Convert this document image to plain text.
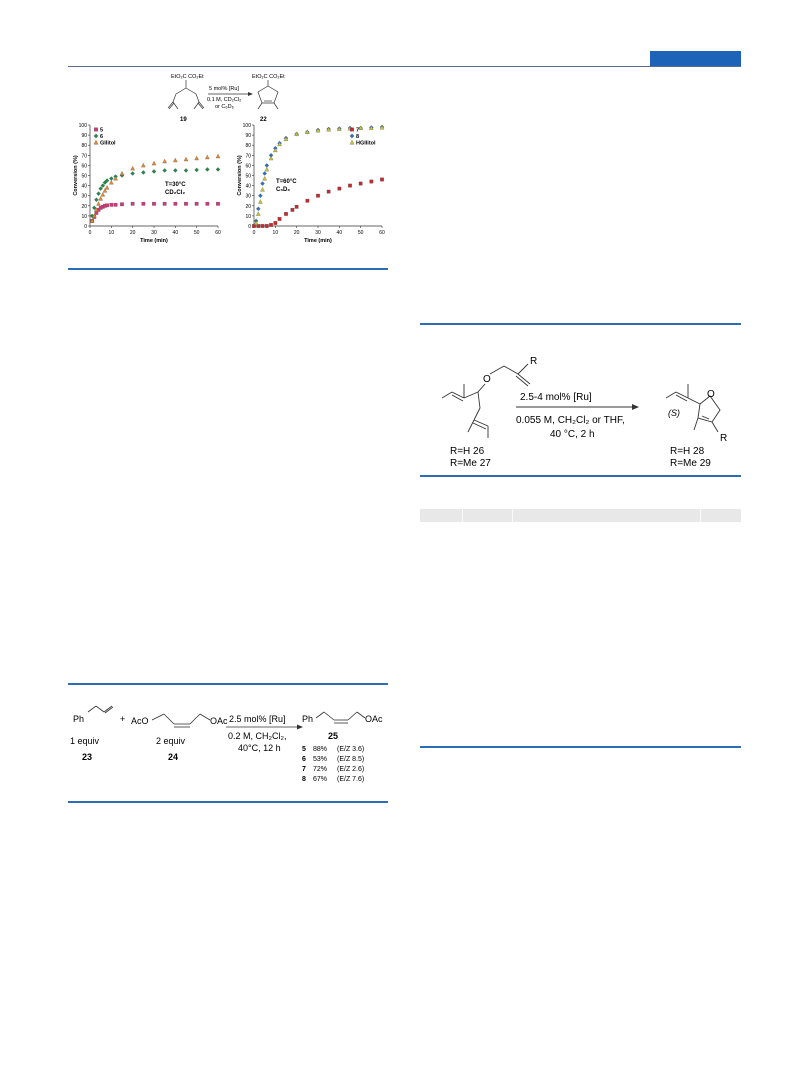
EtO₂C CO₂Et
19
5 mol% [Ru]
0.1 M, CD₂Cl₂
or C₆D₆
EtO₂C CO₂Et
22
Conversion (%)
Time (min)
T=30°C
CD₂Cl₂
0
10
20
30
40
50
60
70
80
90
100
0	10	20	30	40	50	60
5
6
GIIitol
Conversion (%)
Time (min)
T=60°C
C₆D₆
0
10
20
30
40
50
60
70
80
90
100
0	10	20	30	40	50	60
7
8
HGIIitol
Ph
1 equiv
23
+ AcO	OAc
2 equiv
24
2.5 mol% [Ru]
0.2 M, CH₂Cl₂,
40°C, 12 h
Ph	OAc
25
5 88% (E/Z 3.6)
6 53% (E/Z 8.5)
7 72% (E/Z 2.6)
8 67% (E/Z 7.6)
O
R
2.5-4 mol% [Ru]
0.055 M, CH₂Cl₂ or THF,
40 °C, 2 h
R=H 26
R=Me 27
(S)
O
R
R=H 28
R=Me 29
